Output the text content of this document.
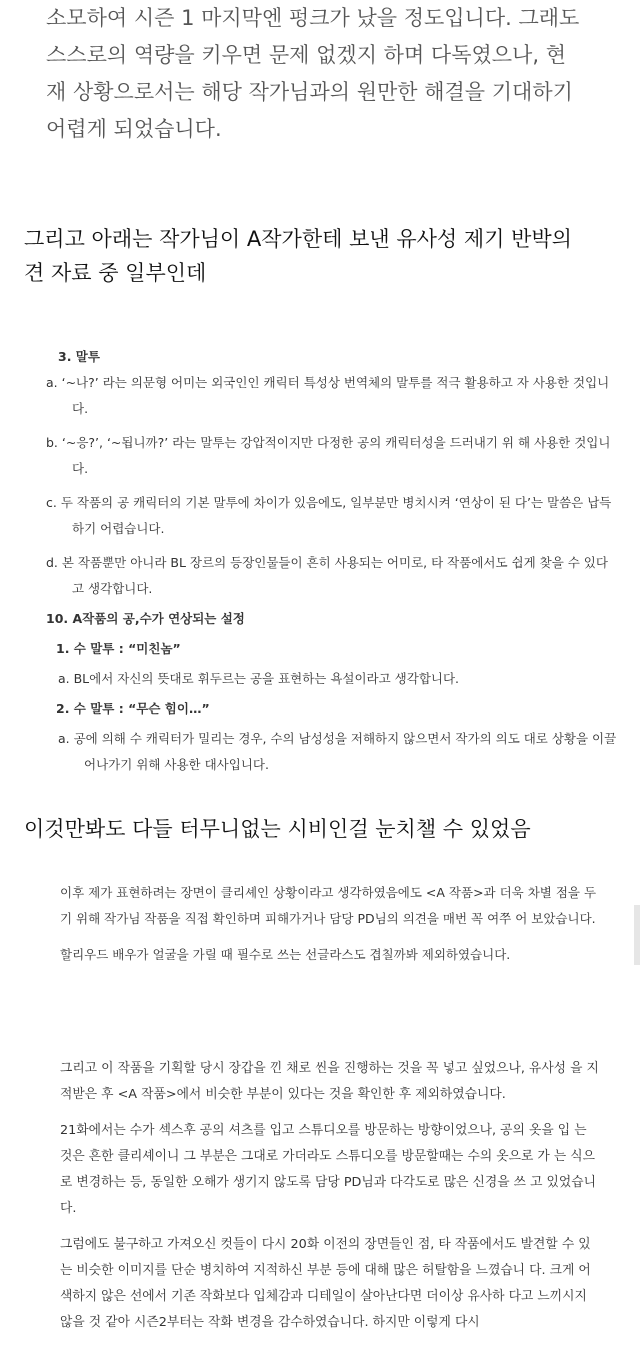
소모하여 시즌 1 마지막엔 펑크가 났을 정도입니다. 그래도

스스로의 역량을 키우면 문제 없겠지 하며 다독였으나, 현

재 상황으로서는 해당 작가님과의 원만한 해결을 기대하기

어렵게 되었습니다.

그리고 아래는 작가님이 A작가한테 보낸 유사성 제기 반박의
견 자료 중 일부인데

3. 말투

a. ‘~나?’ 라는 의문형 어미는 외국인인 캐릭터 특성상 번역체의 말투를 적극 활용하고 자 사용한 것입니다.

b. ‘~응?’, ‘~됩니까?’ 라는 말투는 강압적이지만 다정한 공의 캐릭터성을 드러내기 위 해 사용한 것입니다.

c. 두 작품의 공 캐릭터의 기본 말투에 차이가 있음에도, 일부분만 병치시켜 ‘연상이 된 다’는 말씀은 납득하기 어렵습니다.

d. 본 작품뿐만 아니라 BL 장르의 등장인물들이 흔히 사용되는 어미로, 타 작품에서도 쉽게 찾을 수 있다고 생각합니다.

10. A작품의 공,수가 연상되는 설정

1. 수 말투 : “미친놈”

a. BL에서 자신의 뜻대로 휘두르는 공을 표현하는 욕설이라고 생각합니다.

2. 수 말투 : “무슨 힘이…”

a. 공에 의해 수 캐릭터가 밀리는 경우, 수의 남성성을 저해하지 않으면서 작가의 의도 대로 상황을 이끌어나가기 위해 사용한 대사입니다.

이것만봐도 다들 터무니없는 시비인걸 눈치챌 수 있었음

이후 제가 표현하려는 장면이 클리셰인 상황이라고 생각하였음에도 <A 작품>과 더욱 차별 점을 두기 위해 작가님 작품을 직접 확인하며 피해가거나 담당 PD님의 의견을 매번 꼭 여쭈 어 보았습니다.

할리우드 배우가 얼굴을 가릴 때 필수로 쓰는 선글라스도 겹칠까봐 제외하였습니다.

그리고 이 작품을 기획할 당시 장갑을 낀 채로 씬을 진행하는 것을 꼭 넣고 싶었으나, 유사성 을 지적받은 후 <A 작품>에서 비슷한 부분이 있다는 것을 확인한 후 제외하였습니다.

21화에서는 수가 섹스후 공의 셔츠를 입고 스튜디오를 방문하는 방향이었으나, 공의 옷을 입 는 것은 흔한 클리셰이니 그 부분은 그대로 가더라도 스튜디오를 방문할때는 수의 옷으로 가 는 식으로 변경하는 등, 동일한 오해가 생기지 않도록 담당 PD님과 다각도로 많은 신경을 쓰 고 있었습니다.

그럼에도 불구하고 가져오신 컷들이 다시 20화 이전의 장면들인 점, 타 작품에서도 발견할 수 있는 비슷한 이미지를 단순 병치하여 지적하신 부분 등에 대해 많은 허탈함을 느꼈습니 다. 크게 어색하지 않은 선에서 기존 작화보다 입체감과 디테일이 살아난다면 더이상 유사하 다고 느끼시지 않을 것 같아 시즌2부터는 작화 변경을 감수하였습니다. 하지만 이렇게 다시
